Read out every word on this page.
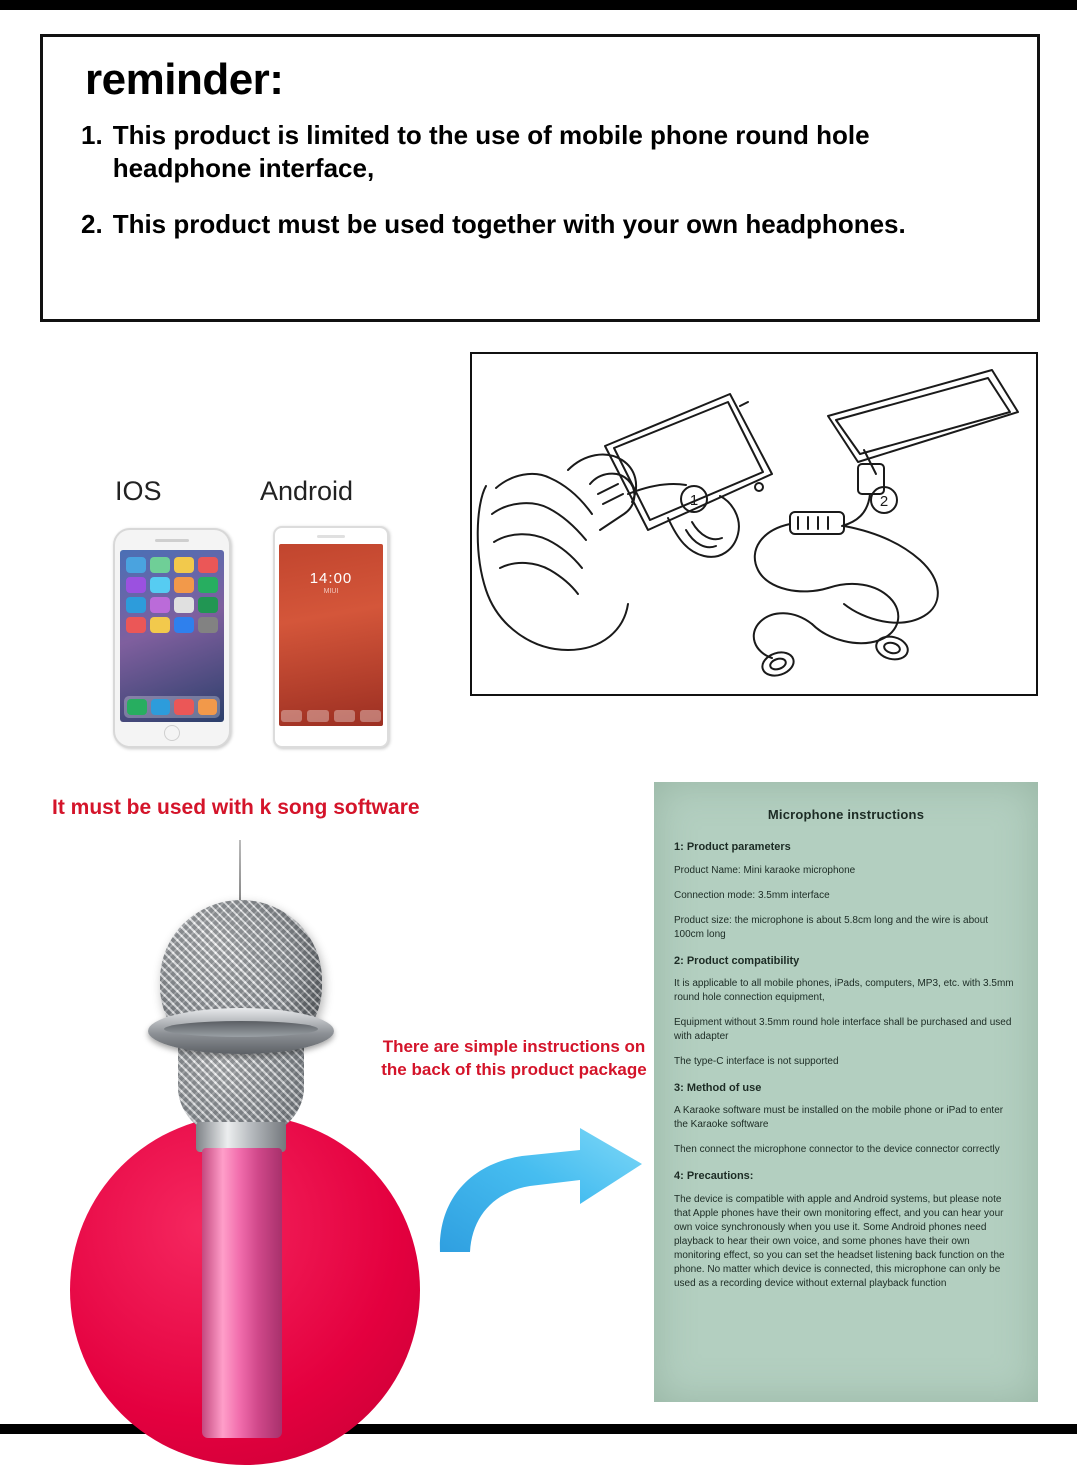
reminder:
1. This product is limited to the use of mobile phone round hole headphone interface,
2. This product must be used together with your own headphones.
1	2
IOS	Android
14:00
MIUI
It must be used with k song software
There are simple instructions on the back of this product package
Microphone instructions
1: Product parameters

Product Name: Mini karaoke microphone

Connection mode: 3.5mm interface

Product size: the microphone is about 5.8cm long and the wire is about 100cm long

2: Product compatibility

It is applicable to all mobile phones, iPads, computers, MP3, etc. with 3.5mm round hole connection equipment,

Equipment without 3.5mm round hole interface shall be purchased and used with adapter

The type-C interface is not supported

3: Method of use

A Karaoke software must be installed on the mobile phone or iPad to enter the Karaoke software

Then connect the microphone connector to the device connector correctly

4: Precautions:

The device is compatible with apple and Android systems, but please note that Apple phones have their own monitoring effect, and you can hear your own voice synchronously when you use it. Some Android phones need playback to hear their own voice, and some phones have their own monitoring effect, so you can set the headset listening back function on the phone. No matter which device is connected, this microphone can only be used as a recording device without external playback function
